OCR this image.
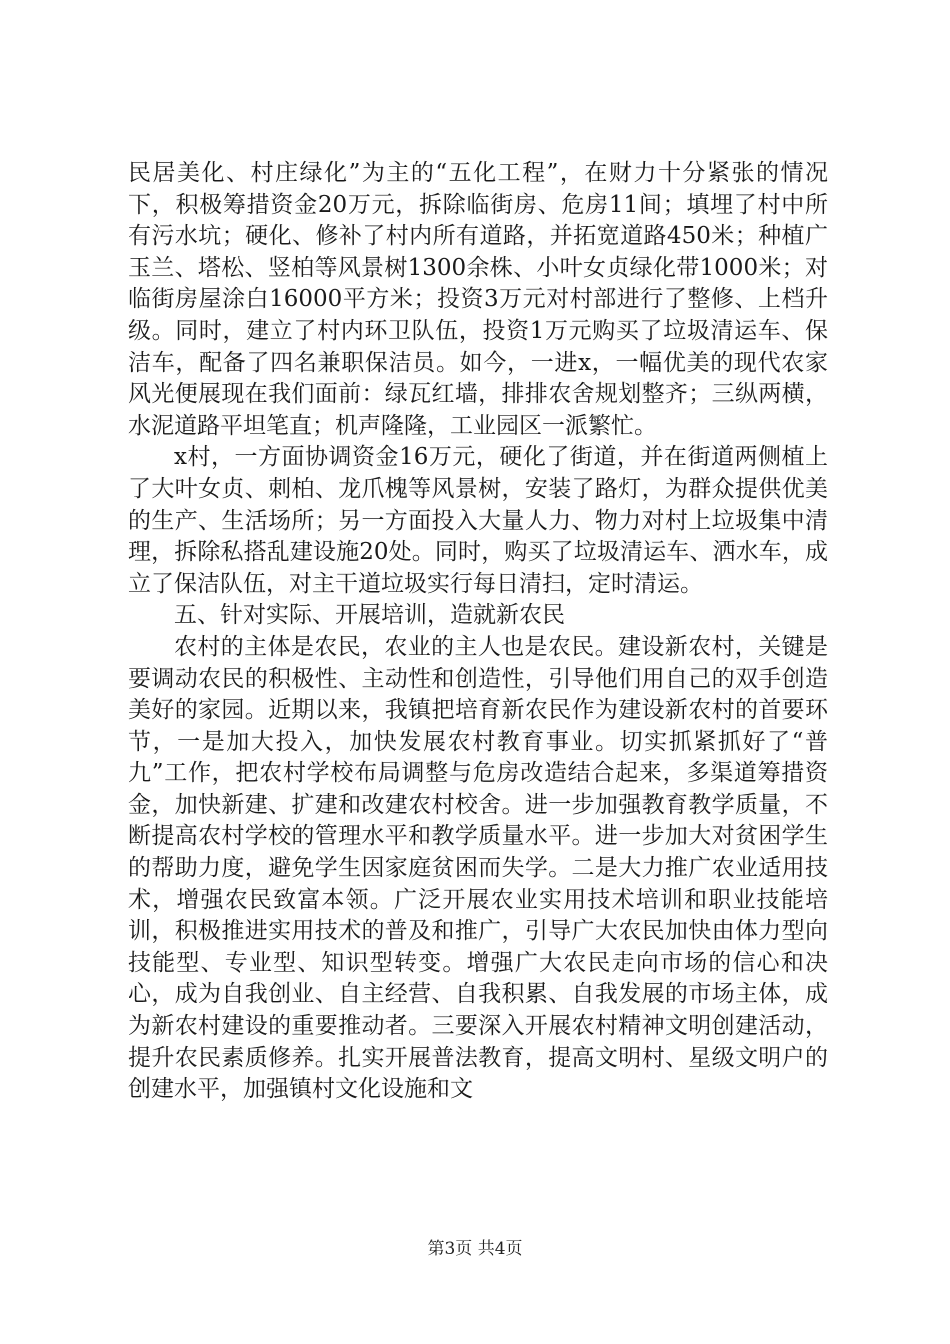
民居美化、村庄绿化”为主的“五化工程”，在财力十分紧张的情况下，积极筹措资金20万元，拆除临街房、危房11间；填埋了村中所有污水坑；硬化、修补了村内所有道路，并拓宽道路450米；种植广玉兰、塔松、竖柏等风景树1300余株、小叶女贞绿化带1000米；对临街房屋涂白16000平方米；投资3万元对村部进行了整修、上档升级。同时，建立了村内环卫队伍，投资1万元购买了垃圾清运车、保洁车，配备了四名兼职保洁员。如今，一进x，一幅优美的现代农家风光便展现在我们面前：绿瓦红墙，排排农舍规划整齐；三纵两横，水泥道路平坦笔直；机声隆隆，工业园区一派繁忙。

x村，一方面协调资金16万元，硬化了街道，并在街道两侧植上了大叶女贞、刺柏、龙爪槐等风景树，安装了路灯，为群众提供优美的生产、生活场所；另一方面投入大量人力、物力对村上垃圾集中清理，拆除私搭乱建设施20处。同时，购买了垃圾清运车、洒水车，成立了保洁队伍，对主干道垃圾实行每日清扫，定时清运。

五、针对实际、开展培训，造就新农民

农村的主体是农民，农业的主人也是农民。建设新农村，关键是要调动农民的积极性、主动性和创造性，引导他们用自己的双手创造美好的家园。近期以来，我镇把培育新农民作为建设新农村的首要环节，一是加大投入，加快发展农村教育事业。切实抓紧抓好了“普九”工作，把农村学校布局调整与危房改造结合起来，多渠道筹措资金，加快新建、扩建和改建农村校舍。进一步加强教育教学质量，不断提高农村学校的管理水平和教学质量水平。进一步加大对贫困学生的帮助力度，避免学生因家庭贫困而失学。二是大力推广农业适用技术，增强农民致富本领。广泛开展农业实用技术培训和职业技能培训，积极推进实用技术的普及和推广，引导广大农民加快由体力型向技能型、专业型、知识型转变。增强广大农民走向市场的信心和决心，成为自我创业、自主经营、自我积累、自我发展的市场主体，成为新农村建设的重要推动者。三要深入开展农村精神文明创建活动，提升农民素质修养。扎实开展普法教育，提高文明村、星级文明户的创建水平，加强镇村文化设施和文

第3页 共4页
